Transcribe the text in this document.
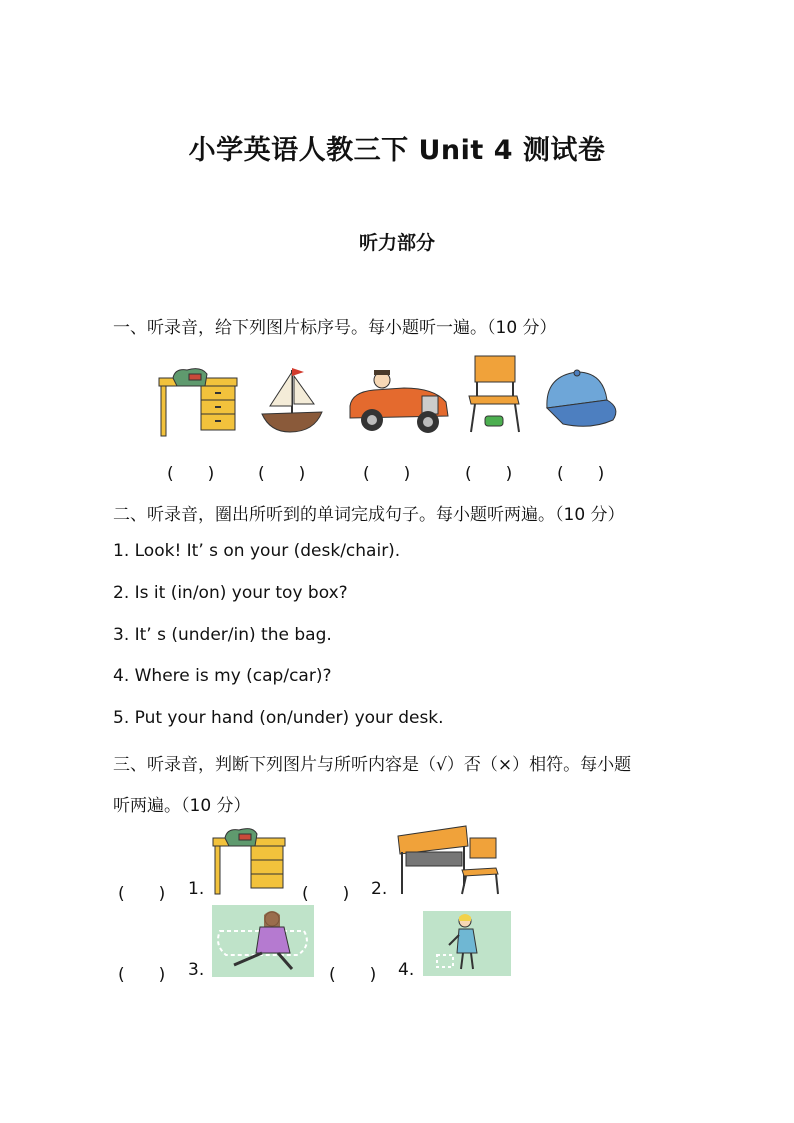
小学英语人教三下 Unit 4 测试卷
听力部分
一、听录音，给下列图片标序号。每小题听一遍。（10 分）
(　　)	(　　)	(　　)	(　　)	(　　)
二、听录音，圈出所听到的单词完成句子。每小题听两遍。（10 分）
1. Look! It’ s on your (desk/chair).
2. Is it (in/on) your toy box?
3. It’ s (under/in) the bag.
4. Where is my (cap/car)?
5. Put your hand (on/under) your desk.
三、听录音，判断下列图片与所听内容是（√）否（×）相符。每小题
听两遍。（10 分）
(　　) 1.	(　　) 2.
(　　) 3.	(　　) 4.
